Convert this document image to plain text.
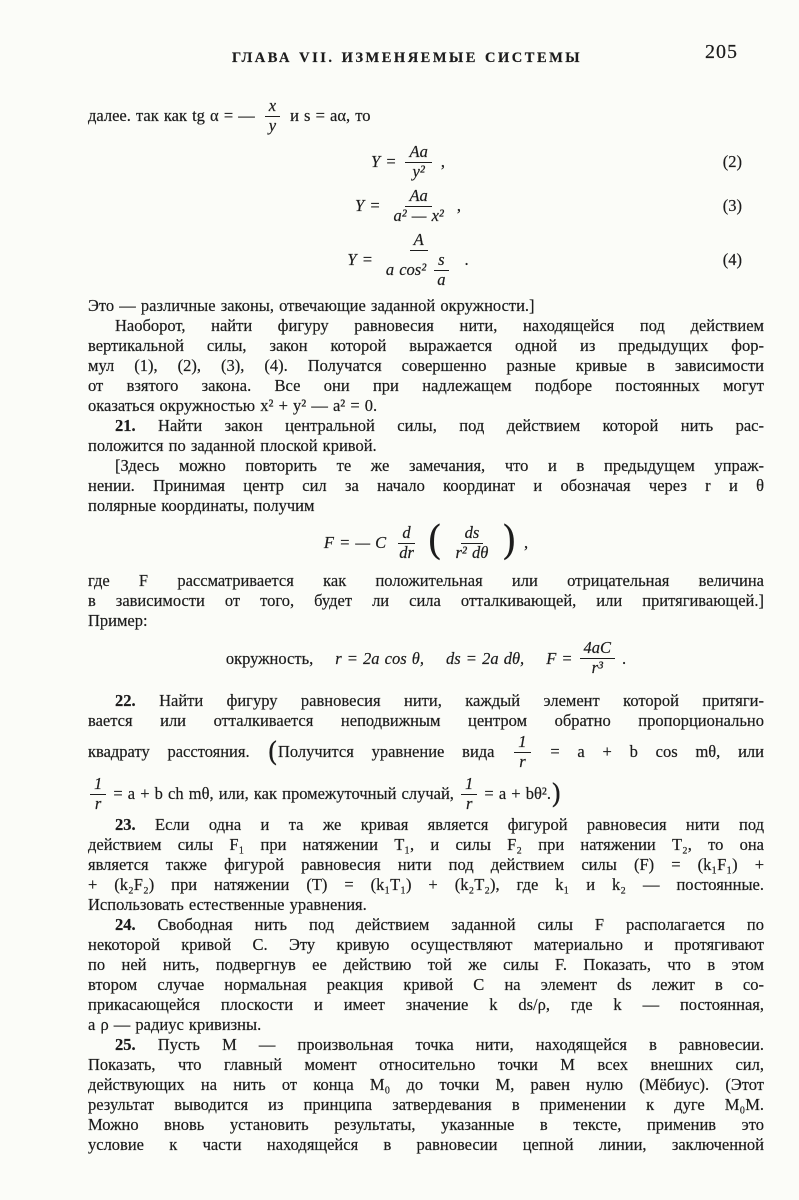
ГЛАВА VII. ИЗМЕНЯЕМЫЕ СИСТЕМЫ	205
далее. так как tg α = — $\frac{x}{y}$ и s = aα, то
$Y = \frac{Aa}{\text{y²}}$ ,	(2)
$Y = \frac{Aa}{\text{a² — x²}}$ ,	(3)
$Y = \frac{A}{a \cos^2 \frac{s}{a}}$ .	(4)
Это — различные законы, отвечающие заданной окружности.]
Наоборот, найти фигуру равновесия нити, находящейся под действием
вертикальной силы, закон которой выражается одной из предыдущих фор-
мул (1), (2), (3), (4). Получатся совершенно разные кривые в зависимости
от взятого закона. Все они при надлежащем подборе постоянных могут
оказаться окружностью x² + y² — a² = 0.
21. Найти закон центральной силы, под действием которой нить рас-
положится по заданной плоской кривой.
[Здесь можно повторить те же замечания, что и в предыдущем упраж-
нении. Принимая центр сил за начало координат и обозначая через r и θ
полярные координаты, получим
F = — C $\frac{d}{dr}$ ( $\frac{ds}{\text{r² dθ}}$ ) ,
где F рассматривается как положительная или отрицательная величина
в зависимости от того, будет ли сила отталкивающей, или притягивающей.]
Пример:
окружность, r = 2a cos θ, ds = 2a dθ, $F = \frac{4aC}{\text{r³}}$ .
22. Найти фигуру равновесия нити, каждый элемент которой притяги-
вается или отталкивается неподвижным центром обратно пропорционально
квадрату расстояния. (Получится уравнение вида $\frac{1}{r} = a + b$ cos mθ, или
$\frac{1}{r} = a + b$ ch mθ, или, как промежуточный случай, $\frac{1}{r} = a + b\theta^2$.)
23. Если одна и та же кривая является фигурой равновесия нити под
действием силы F₁ при натяжении T₁, и силы F₂ при натяжении T₂, то она
является также фигурой равновесия нити под действием силы (F) = (k₁F₁) +
+ (k₂F₂) при натяжении (T) = (k₁T₁) + (k₂T₂), где k₁ и k₂ — постоянные.
Использовать естественные уравнения.
24. Свободная нить под действием заданной силы F располагается по
некоторой кривой C. Эту кривую осуществляют материально и протягивают
по ней нить, подвергнув ее действию той же силы F. Показать, что в этом
втором случае нормальная реакция кривой C на элемент ds лежит в со-
прикасающейся плоскости и имеет значение k ds/ρ, где k — постоянная,
а ρ — радиус кривизны.
25. Пусть M — произвольная точка нити, находящейся в равновесии.
Показать, что главный момент относительно точки M всех внешних сил,
действующих на нить от конца M₀ до точки M, равен нулю (Мёбиус). (Этот
результат выводится из принципа затвердевания в применении к дуге M₀M.
Можно вновь установить результаты, указанные в тексте, применив это
условие к части находящейся в равновесии цепной линии, заключенной
